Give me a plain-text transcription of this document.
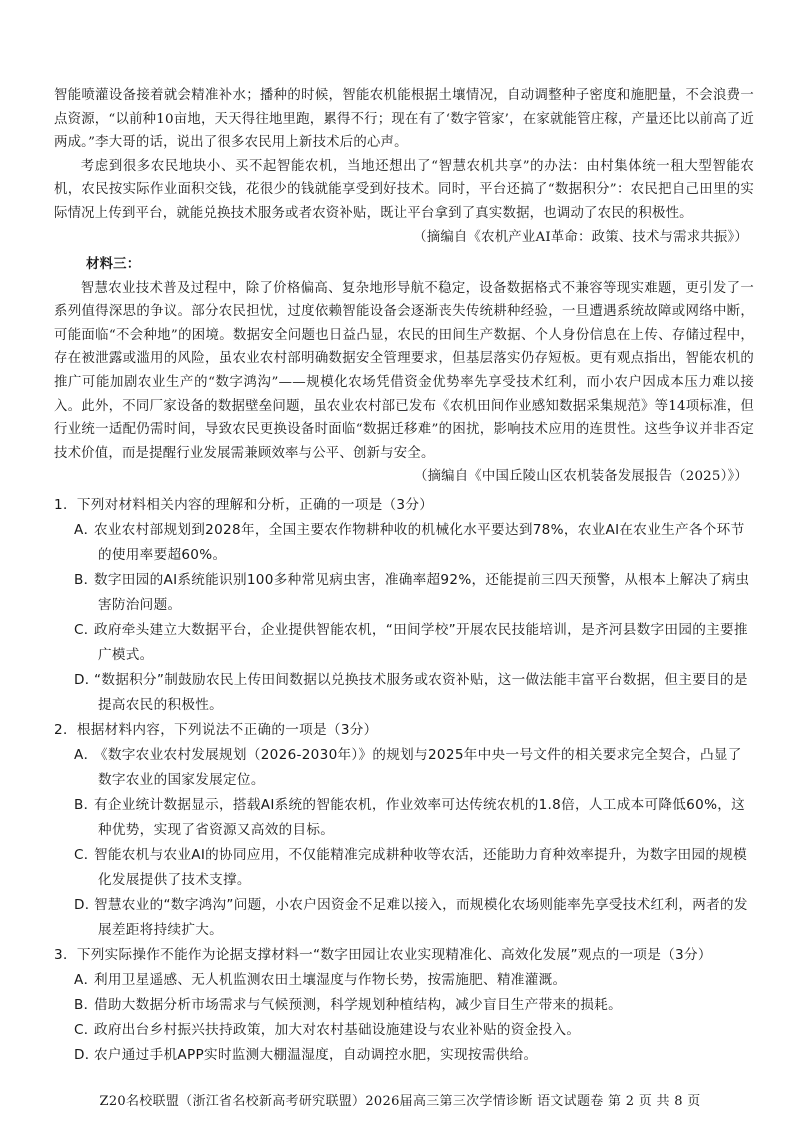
智能喷灌设备接着就会精准补水；播种的时候，智能农机能根据土壤情况，自动调整种子密度和施肥量，不会浪费一点资源，“以前种10亩地，天天得往地里跑，累得不行；现在有了‘数字管家’，在家就能管庄稼，产量还比以前高了近两成。”李大哥的话，说出了很多农民用上新技术后的心声。

考虑到很多农民地块小、买不起智能农机，当地还想出了“智慧农机共享”的办法：由村集体统一租大型智能农机，农民按实际作业面积交钱，花很少的钱就能享受到好技术。同时，平台还搞了“数据积分”：农民把自己田里的实际情况上传到平台，就能兑换技术服务或者农资补贴，既让平台拿到了真实数据，也调动了农民的积极性。

（摘编自《农机产业AI革命：政策、技术与需求共振》）

材料三：

智慧农业技术普及过程中，除了价格偏高、复杂地形导航不稳定，设备数据格式不兼容等现实难题，更引发了一系列值得深思的争议。部分农民担忧，过度依赖智能设备会逐渐丧失传统耕种经验，一旦遭遇系统故障或网络中断，可能面临“不会种地”的困境。数据安全问题也日益凸显，农民的田间生产数据、个人身份信息在上传、存储过程中，存在被泄露或滥用的风险，虽农业农村部明确数据安全管理要求，但基层落实仍存短板。更有观点指出，智能农机的推广可能加剧农业生产的“数字鸿沟”——规模化农场凭借资金优势率先享受技术红利，而小农户因成本压力难以接入。此外，不同厂家设备的数据壁垒问题，虽农业农村部已发布《农机田间作业感知数据采集规范》等14项标准，但行业统一适配仍需时间，导致农民更换设备时面临“数据迁移难”的困扰，影响技术应用的连贯性。这些争议并非否定技术价值，而是提醒行业发展需兼顾效率与公平、创新与安全。

（摘编自《中国丘陵山区农机装备发展报告（2025）》）

1．下列对材料相关内容的理解和分析，正确的一项是（3分）

A．农业农村部规划到2028年，全国主要农作物耕种收的机械化水平要达到78%，农业AI在农业生产各个环节的使用率要超60%。

B．数字田园的AI系统能识别100多种常见病虫害，准确率超92%，还能提前三四天预警，从根本上解决了病虫害防治问题。

C．政府牵头建立大数据平台，企业提供智能农机，“田间学校”开展农民技能培训，是齐河县数字田园的主要推广模式。

D．“数据积分”制鼓励农民上传田间数据以兑换技术服务或农资补贴，这一做法能丰富平台数据，但主要目的是提高农民的积极性。

2．根据材料内容，下列说法不正确的一项是（3分）

A．《数字农业农村发展规划（2026-2030年）》的规划与2025年中央一号文件的相关要求完全契合，凸显了数字农业的国家发展定位。

B．有企业统计数据显示，搭载AI系统的智能农机，作业效率可达传统农机的1.8倍，人工成本可降低60%，这种优势，实现了省资源又高效的目标。

C．智能农机与农业AI的协同应用，不仅能精准完成耕种收等农活，还能助力育种效率提升，为数字田园的规模化发展提供了技术支撑。

D．智慧农业的“数字鸿沟”问题，小农户因资金不足难以接入，而规模化农场则能率先享受技术红利，两者的发展差距将持续扩大。

3．下列实际操作不能作为论据支撑材料一“数字田园让农业实现精准化、高效化发展”观点的一项是（3分）

A．利用卫星遥感、无人机监测农田土壤湿度与作物长势，按需施肥、精准灌溉。

B．借助大数据分析市场需求与气候预测，科学规划种植结构，减少盲目生产带来的损耗。

C．政府出台乡村振兴扶持政策，加大对农村基础设施建设与农业补贴的资金投入。

D．农户通过手机APP实时监测大棚温湿度，自动调控水肥，实现按需供给。

Z20名校联盟（浙江省名校新高考研究联盟）2026届高三第三次学情诊断 语文试题卷 第 2 页 共 8 页
